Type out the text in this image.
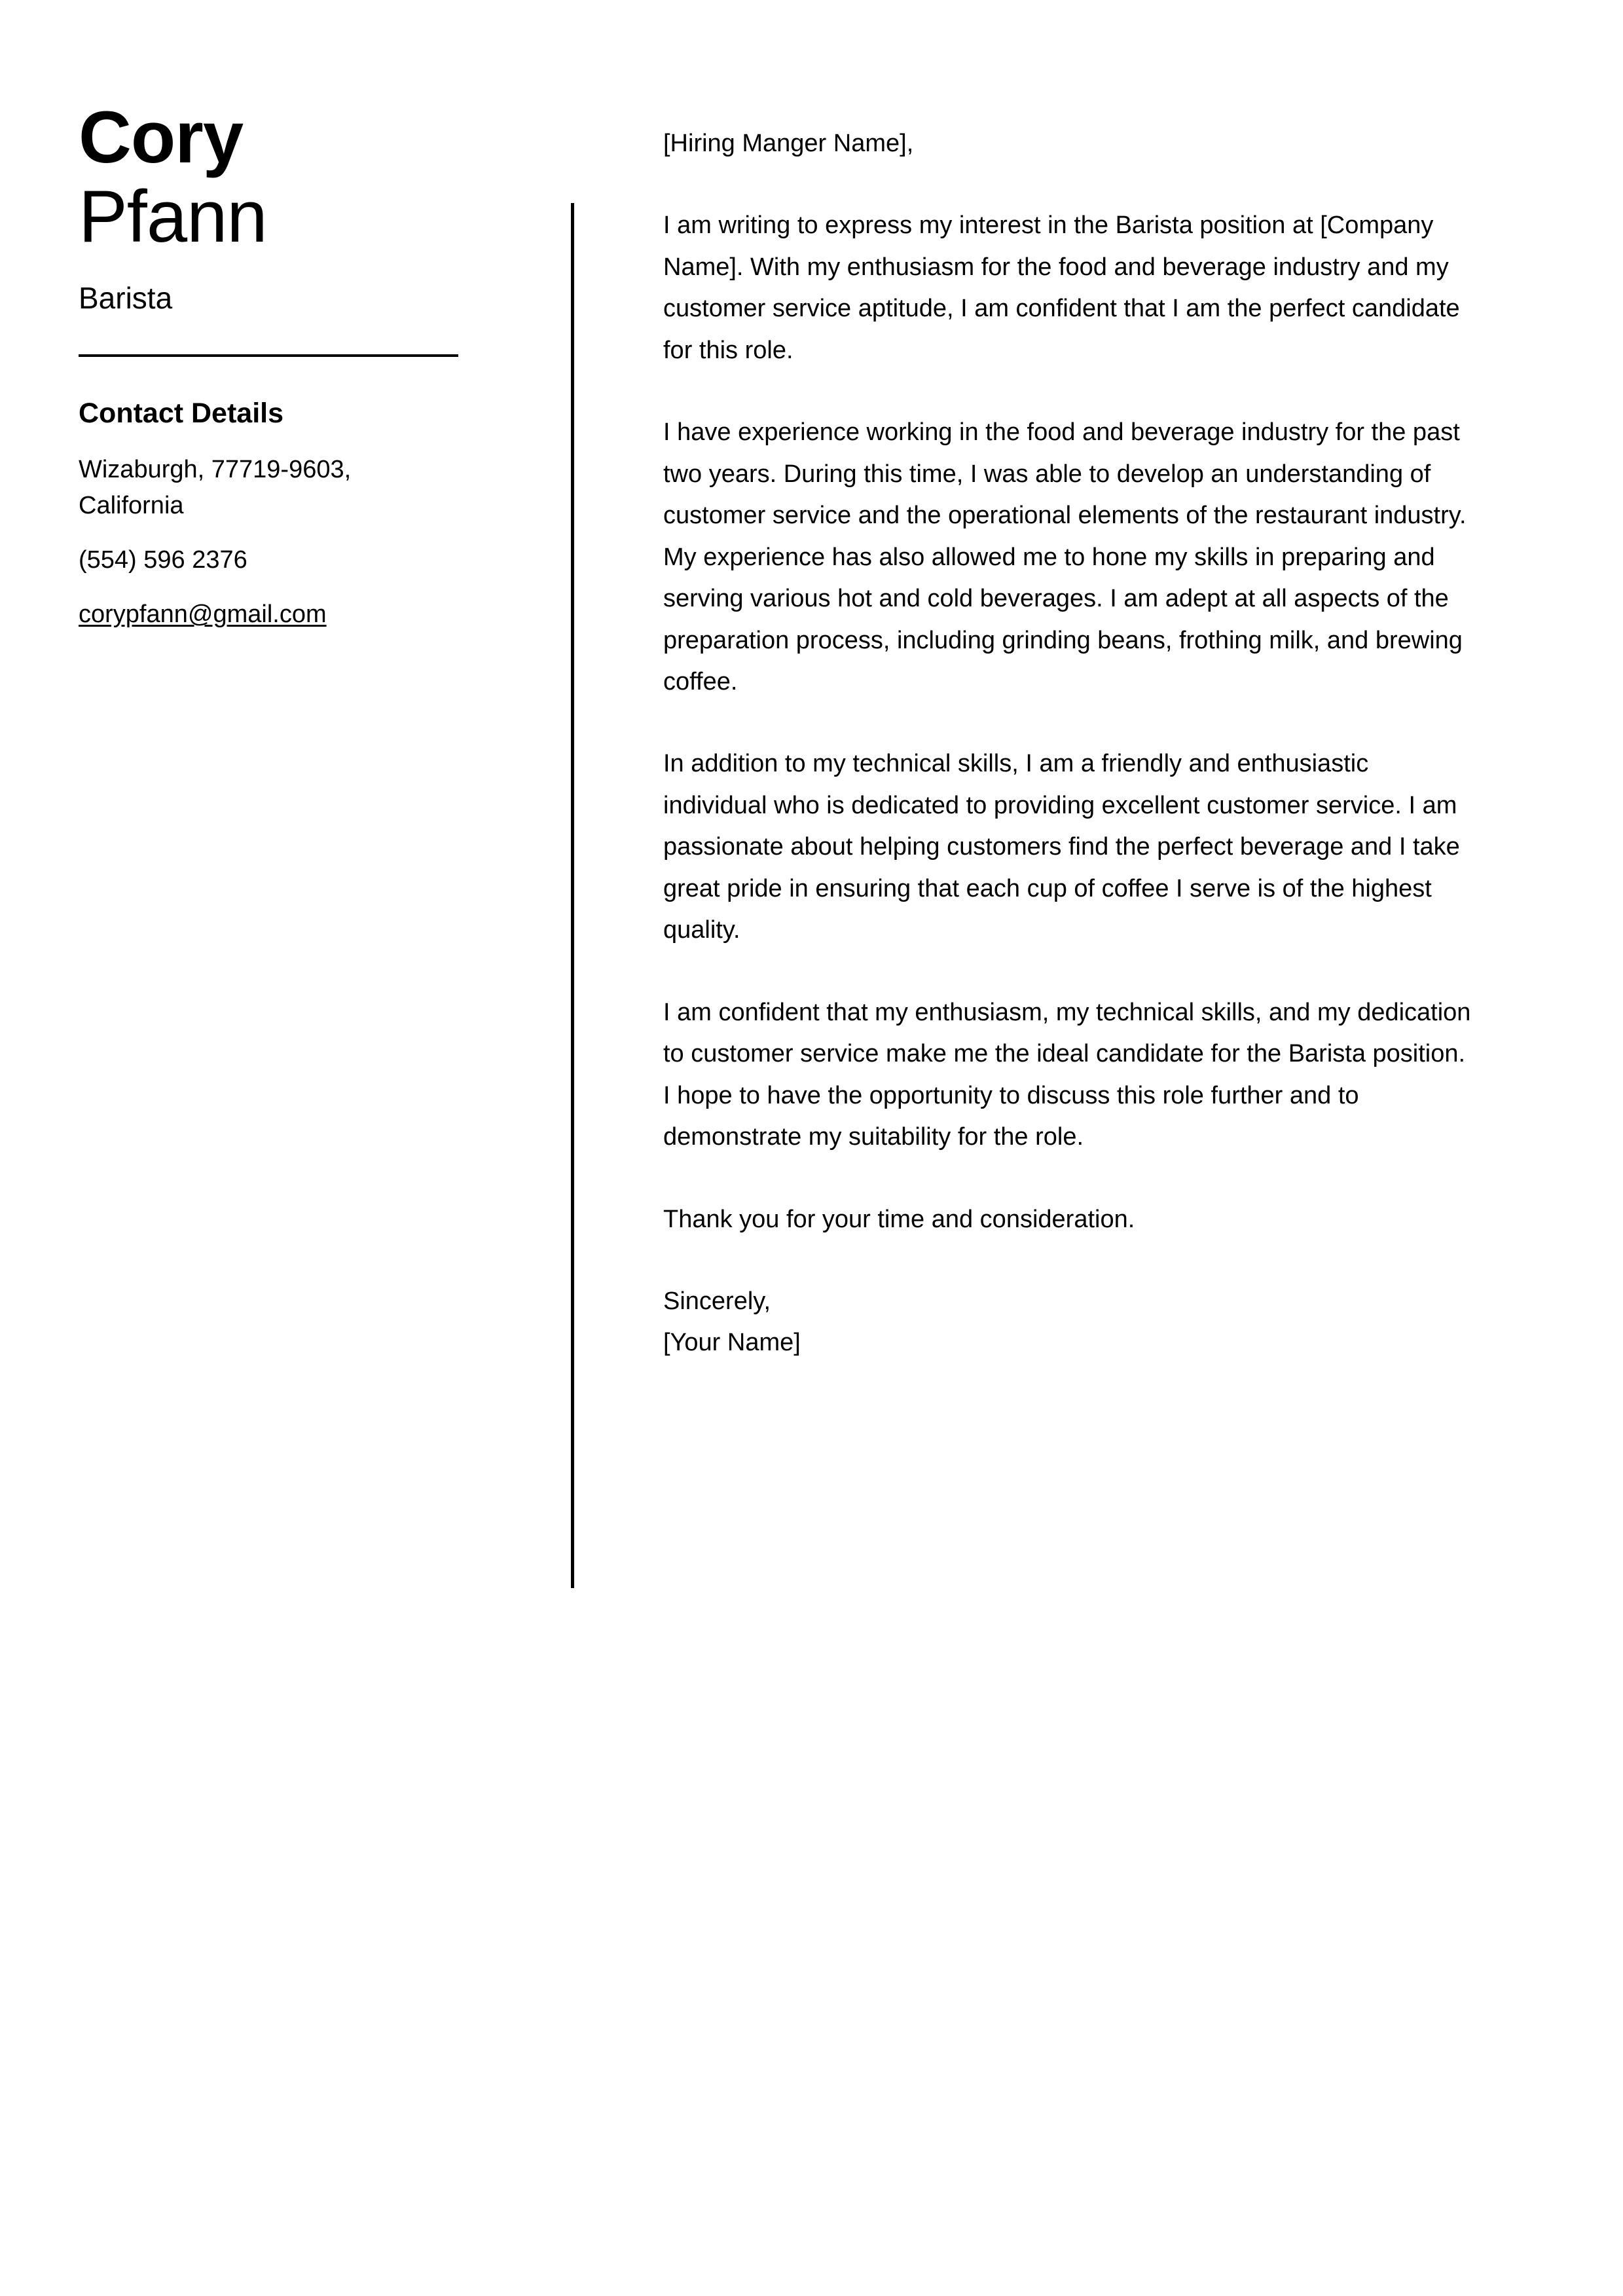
Cory
Pfann
Barista
Contact Details
Wizaburgh, 77719-9603, California
(554) 596 2376
corypfann@gmail.com

[Hiring Manger Name],

I am writing to express my interest in the Barista position at [Company Name]. With my enthusiasm for the food and beverage industry and my customer service aptitude, I am confident that I am the perfect candidate for this role.

I have experience working in the food and beverage industry for the past two years. During this time, I was able to develop an understanding of customer service and the operational elements of the restaurant industry. My experience has also allowed me to hone my skills in preparing and serving various hot and cold beverages. I am adept at all aspects of the preparation process, including grinding beans, frothing milk, and brewing coffee.

In addition to my technical skills, I am a friendly and enthusiastic individual who is dedicated to providing excellent customer service. I am passionate about helping customers find the perfect beverage and I take great pride in ensuring that each cup of coffee I serve is of the highest quality.

I am confident that my enthusiasm, my technical skills, and my dedication to customer service make me the ideal candidate for the Barista position. I hope to have the opportunity to discuss this role further and to demonstrate my suitability for the role.

Thank you for your time and consideration.

Sincerely,

[Your Name]
